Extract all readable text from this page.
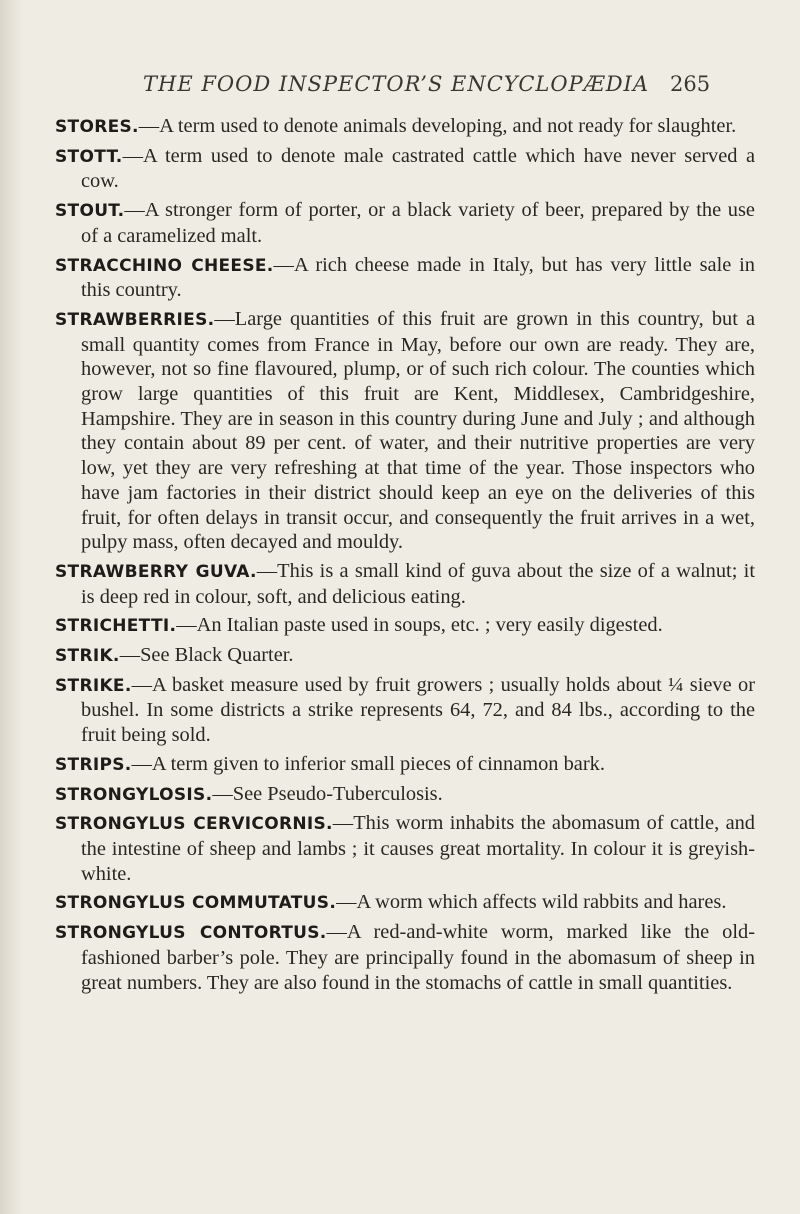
THE FOOD INSPECTOR’S ENCYCLOPÆDIA 265

STORES.—A term used to denote animals developing, and not ready for slaughter.

STOTT.—A term used to denote male castrated cattle which have never served a cow.

STOUT.—A stronger form of porter, or a black variety of beer, prepared by the use of a caramelized malt.

STRACCHINO CHEESE.—A rich cheese made in Italy, but has very little sale in this country.

STRAWBERRIES.—Large quantities of this fruit are grown in this country, but a small quantity comes from France in May, before our own are ready. They are, however, not so fine flavoured, plump, or of such rich colour. The counties which grow large quantities of this fruit are Kent, Middlesex, Cambridgeshire, Hampshire. They are in season in this country during June and July ; and although they contain about 89 per cent. of water, and their nutritive properties are very low, yet they are very refreshing at that time of the year. Those inspectors who have jam factories in their district should keep an eye on the deliveries of this fruit, for often delays in transit occur, and consequently the fruit arrives in a wet, pulpy mass, often decayed and mouldy.

STRAWBERRY GUVA.—This is a small kind of guva about the size of a walnut; it is deep red in colour, soft, and delicious eating.

STRICHETTI.—An Italian paste used in soups, etc. ; very easily digested.

STRIK.—See Black Quarter.

STRIKE.—A basket measure used by fruit growers ; usually holds about ¼ sieve or bushel. In some districts a strike represents 64, 72, and 84 lbs., according to the fruit being sold.

STRIPS.—A term given to inferior small pieces of cinnamon bark.

STRONGYLOSIS.—See Pseudo-Tuberculosis.

STRONGYLUS CERVICORNIS.—This worm inhabits the abomasum of cattle, and the intestine of sheep and lambs ; it causes great mortality. In colour it is greyish-white.

STRONGYLUS COMMUTATUS.—A worm which affects wild rabbits and hares.

STRONGYLUS CONTORTUS.—A red-and-white worm, marked like the old-fashioned barber’s pole. They are principally found in the abomasum of sheep in great numbers. They are also found in the stomachs of cattle in small quantities.
